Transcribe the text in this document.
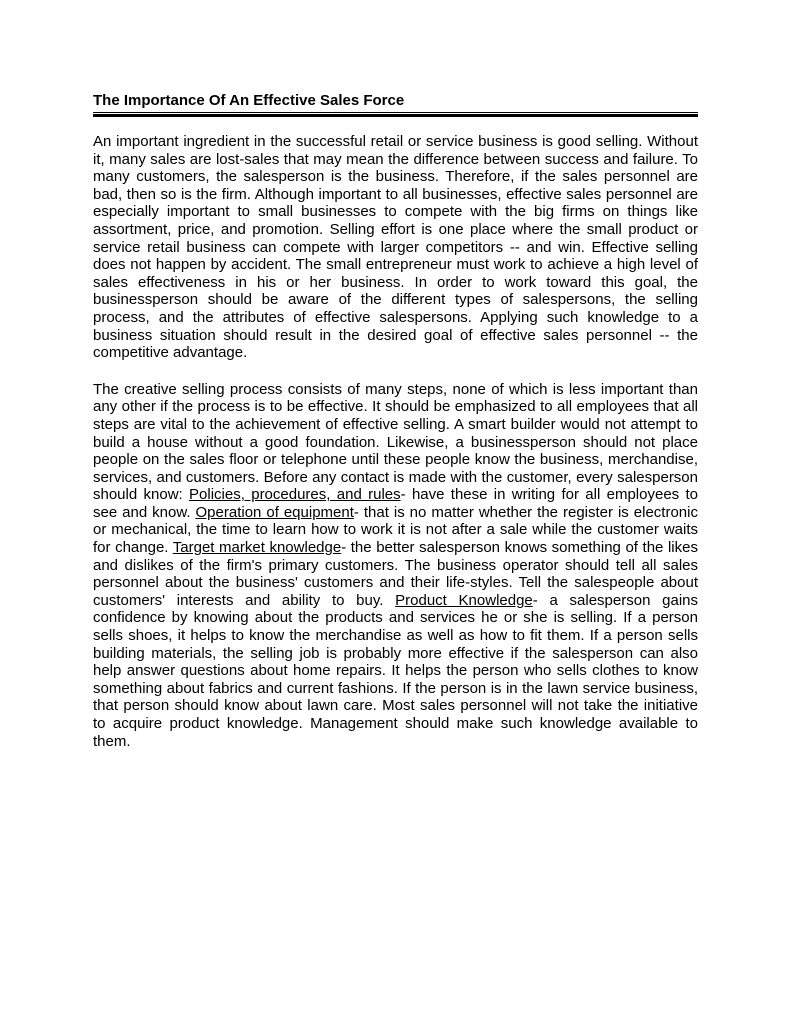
The Importance Of An Effective Sales Force

An important ingredient in the successful retail or service business is good selling. Without it, many sales are lost-sales that may mean the difference between success and failure. To many customers, the salesperson is the business. Therefore, if the sales personnel are bad, then so is the firm. Although important to all businesses, effective sales personnel are especially important to small businesses to compete with the big firms on things like assortment, price, and promotion. Selling effort is one place where the small product or service retail business can compete with larger competitors -- and win. Effective selling does not happen by accident. The small entrepreneur must work to achieve a high level of sales effectiveness in his or her business. In order to work toward this goal, the businessperson should be aware of the different types of salespersons, the selling process, and the attributes of effective salespersons. Applying such knowledge to a business situation should result in the desired goal of effective sales personnel -- the competitive advantage.

The creative selling process consists of many steps, none of which is less important than any other if the process is to be effective. It should be emphasized to all employees that all steps are vital to the achievement of effective selling. A smart builder would not attempt to build a house without a good foundation. Likewise, a businessperson should not place people on the sales floor or telephone until these people know the business, merchandise, services, and customers. Before any contact is made with the customer, every salesperson should know: Policies, procedures, and rules- have these in writing for all employees to see and know. Operation of equipment- that is no matter whether the register is electronic or mechanical, the time to learn how to work it is not after a sale while the customer waits for change. Target market knowledge- the better salesperson knows something of the likes and dislikes of the firm's primary customers. The business operator should tell all sales personnel about the business' customers and their life-styles. Tell the salespeople about customers' interests and ability to buy. Product Knowledge- a salesperson gains confidence by knowing about the products and services he or she is selling. If a person sells shoes, it helps to know the merchandise as well as how to fit them. If a person sells building materials, the selling job is probably more effective if the salesperson can also help answer questions about home repairs. It helps the person who sells clothes to know something about fabrics and current fashions. If the person is in the lawn service business, that person should know about lawn care. Most sales personnel will not take the initiative to acquire product knowledge. Management should make such knowledge available to them.
